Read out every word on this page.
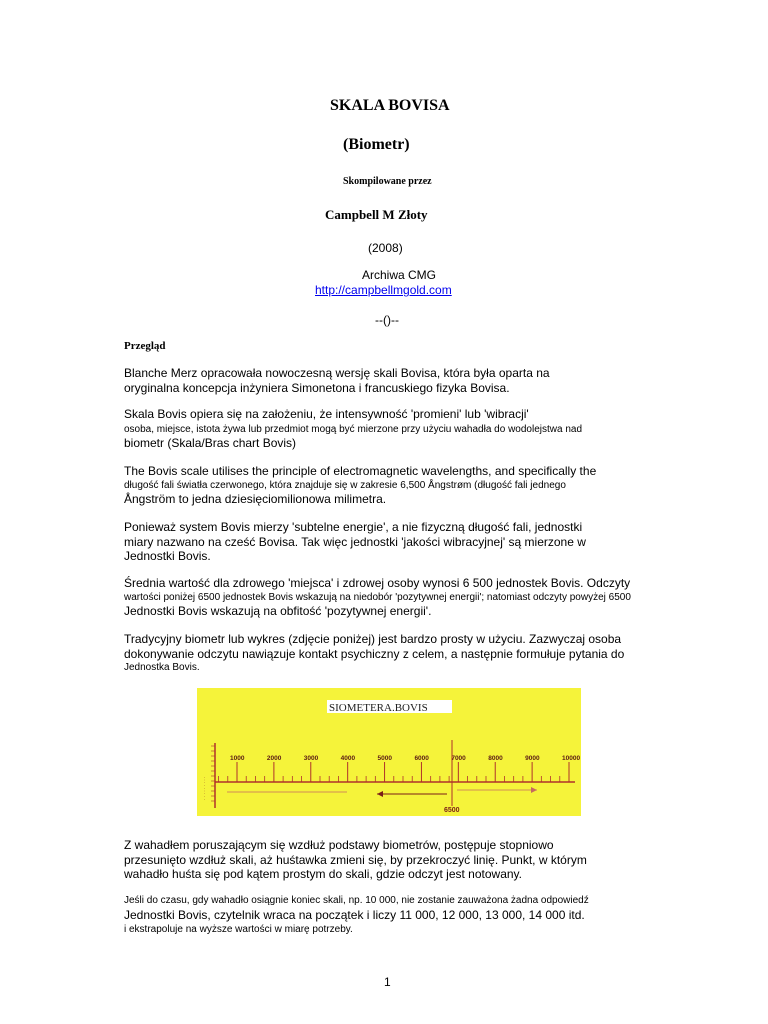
SKALA BOVISA
(Biometr)
Skompilowane przez
Campbell M Złoty
(2008)
Archiwa CMG
http://campbellmgold.com
--()--
Przegląd
Blanche Merz opracowała nowoczesną wersję skali Bovisa, która była oparta na
oryginalna koncepcja inżyniera Simonetona i francuskiego fizyka Bovisa.
Skala Bovis opiera się na założeniu, że intensywność 'promieni' lub 'wibracji'
osoba, miejsce, istota żywa lub przedmiot mogą być mierzone przy użyciu wahadła do wodolejstwa nad
biometr (Skala/Bras chart Bovis)
The Bovis scale utilises the principle of electromagnetic wavelengths, and specifically the
długość fali światła czerwonego, która znajduje się w zakresie 6,500 Ångstrøm (długość fali jednego
Ångström to jedna dziesięciomilionowa milimetra.
Ponieważ system Bovis mierzy 'subtelne energie', a nie fizyczną długość fali, jednostki
miary nazwano na cześć Bovisa. Tak więc jednostki 'jakości wibracyjnej' są mierzone w
Jednostki Bovis.
Średnia wartość dla zdrowego 'miejsca' i zdrowej osoby wynosi 6 500 jednostek Bovis. Odczyty
wartości poniżej 6500 jednostek Bovis wskazują na niedobór 'pozytywnej energii'; natomiast odczyty powyżej 6500
Jednostki Bovis wskazują na obfitość 'pozytywnej energii'.
Tradycyjny biometr lub wykres (zdjęcie poniżej) jest bardzo prosty w użyciu. Zazwyczaj osoba
dokonywanie odczytu nawiązuje kontakt psychiczny z celem, a następnie formułuje pytania do
Jednostka Bovis.
SIOMETERA.BOVIS
· · · · · · · · ·
1000	2000	3000	4000	5000	6000	7000	8000	9000	10000
6500
Z wahadłem poruszającym się wzdłuż podstawy biometrów, postępuje stopniowo
przesunięto wzdłuż skali, aż huśtawka zmieni się, by przekroczyć linię. Punkt, w którym
wahadło huśta się pod kątem prostym do skali, gdzie odczyt jest notowany.
Jeśli do czasu, gdy wahadło osiągnie koniec skali, np. 10 000, nie zostanie zauważona żadna odpowiedź
Jednostki Bovis, czytelnik wraca na początek i liczy 11 000, 12 000, 13 000, 14 000 itd.
i ekstrapoluje na wyższe wartości w miarę potrzeby.
1
